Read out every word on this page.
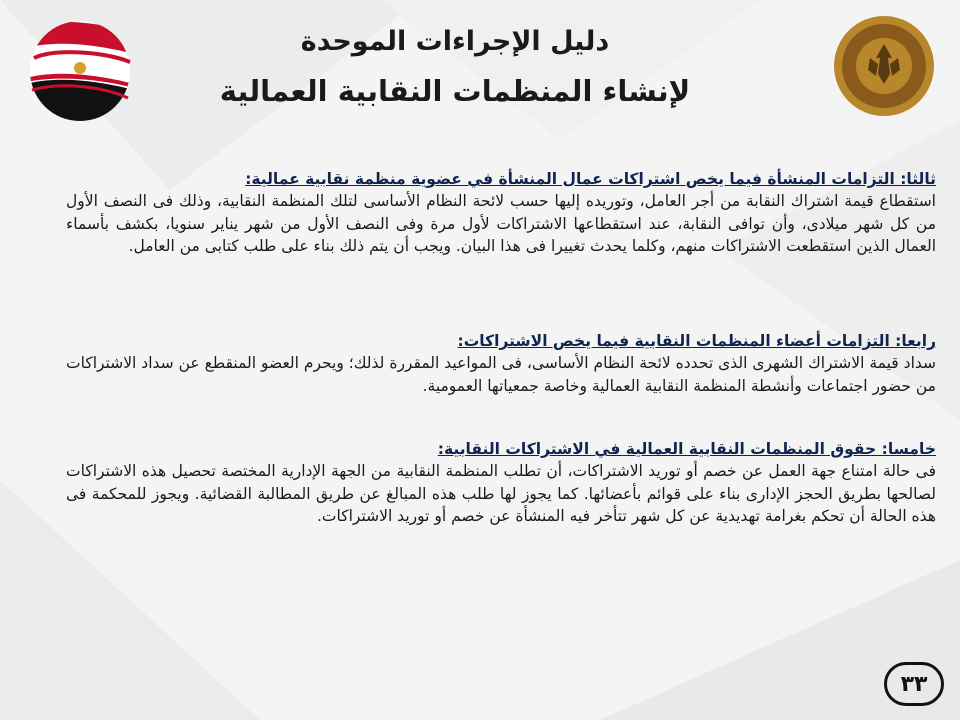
دليل الإجراءات الموحدة
لإنشاء المنظمات النقابية العمالية

ثالثا: التزامات المنشأة فيما يخص اشتراكات عمال المنشأة في عضوية منظمة نقابية عمالية:

استقطاع قيمة اشتراك النقابة من أجر العامل، وتوريده إليها حسب لائحة النظام الأساسى لتلك المنظمة النقابية، وذلك فى النصف الأول من كل شهر ميلادى، وأن توافى النقابة، عند استقطاعها الاشتراكات لأول مرة وفى النصف الأول من شهر يناير سنويا، بكشف بأسماء العمال الذين استقطعت الاشتراكات منهم، وكلما يحدث تغييرا فى هذا البيان. ويجب أن يتم ذلك بناء على طلب كتابى من العامل.

رابعا: التزامات أعضاء المنظمات النقابية فيما يخص الاشتراكات:

سداد قيمة الاشتراك الشهرى الذى تحدده لائحة النظام الأساسى، فى المواعيد المقررة لذلك؛ ويحرم العضو المنقطع عن سداد الاشتراكات من حضور اجتماعات وأنشطة المنظمة النقابية العمالية وخاصة جمعياتها العمومية.

خامسا: حقوق المنظمات النقابية العمالية في الاشتراكات النقابية:

فى حالة امتناع جهة العمل عن خصم أو توريد الاشتراكات، أن تطلب المنظمة النقابية من الجهة الإدارية المختصة تحصيل هذه الاشتراكات لصالحها بطريق الحجز الإدارى بناء على قوائم بأعضائها. كما يجوز لها طلب هذه المبالغ عن طريق المطالبة القضائية. ويجوز للمحكمة فى هذه الحالة أن تحكم بغرامة تهديدية عن كل شهر تتأخر فيه المنشأة عن خصم أو توريد الاشتراكات.

٣٣
